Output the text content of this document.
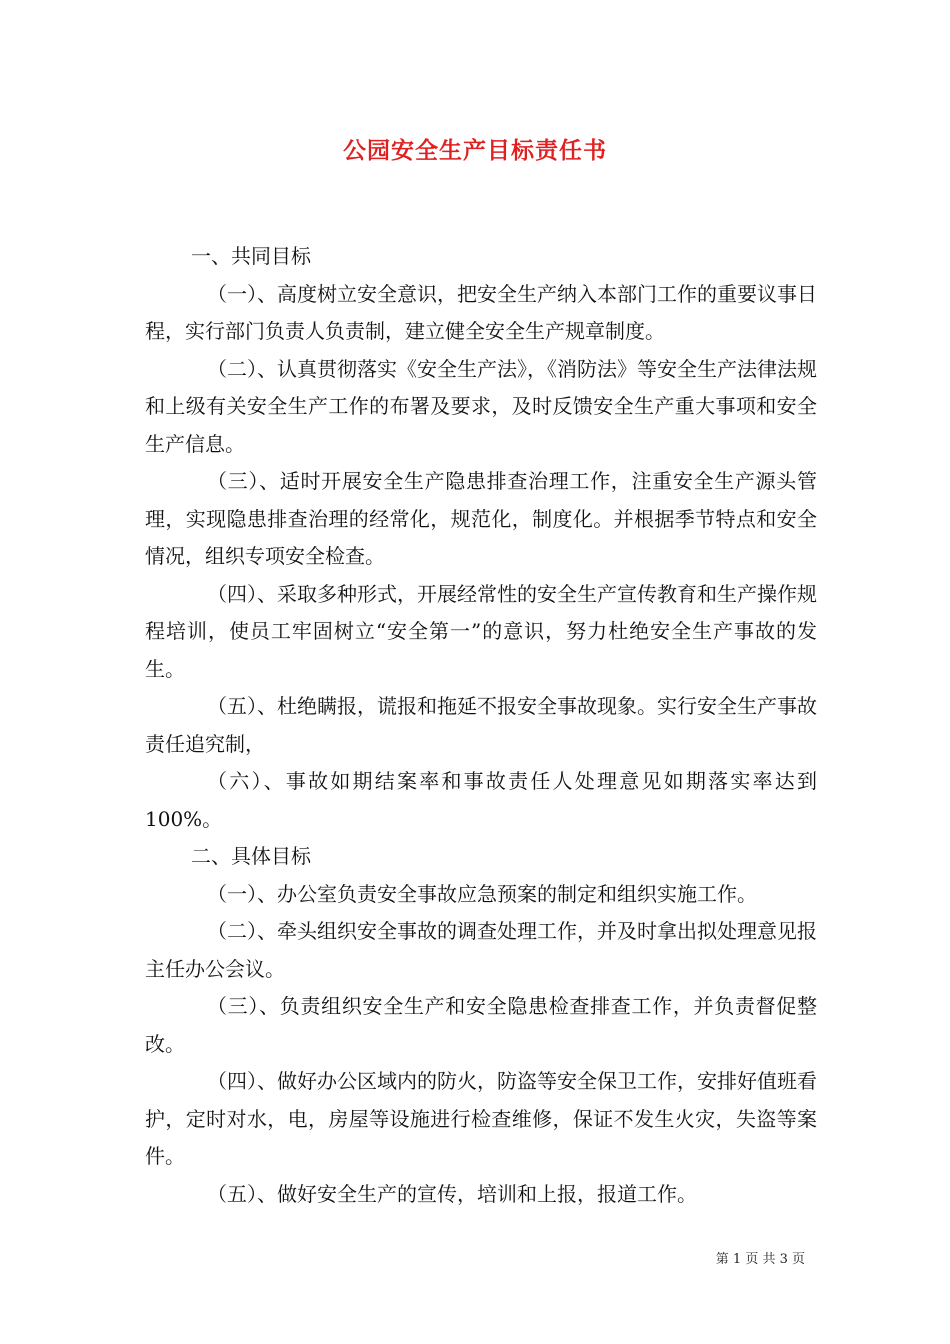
公园安全生产目标责任书

一、共同目标

（一）、高度树立安全意识，把安全生产纳入本部门工作的重要议事日程，实行部门负责人负责制，建立健全安全生产规章制度。

（二）、认真贯彻落实《安全生产法》，《消防法》等安全生产法律法规和上级有关安全生产工作的布署及要求，及时反馈安全生产重大事项和安全生产信息。

（三）、适时开展安全生产隐患排查治理工作，注重安全生产源头管理，实现隐患排查治理的经常化，规范化，制度化。并根据季节特点和安全情况，组织专项安全检查。

（四）、采取多种形式，开展经常性的安全生产宣传教育和生产操作规程培训，使员工牢固树立“安全第一”的意识，努力杜绝安全生产事故的发生。

（五）、杜绝瞒报，谎报和拖延不报安全事故现象。实行安全生产事故责任追究制，

（六）、事故如期结案率和事故责任人处理意见如期落实率达到100%。

二、具体目标

（一）、办公室负责安全事故应急预案的制定和组织实施工作。

（二）、牵头组织安全事故的调查处理工作，并及时拿出拟处理意见报主任办公会议。

（三）、负责组织安全生产和安全隐患检查排查工作，并负责督促整改。

（四）、做好办公区域内的防火，防盗等安全保卫工作，安排好值班看护，定时对水，电，房屋等设施进行检查维修，保证不发生火灾，失盗等案件。

（五）、做好安全生产的宣传，培训和上报，报道工作。

第 1 页 共 3 页
